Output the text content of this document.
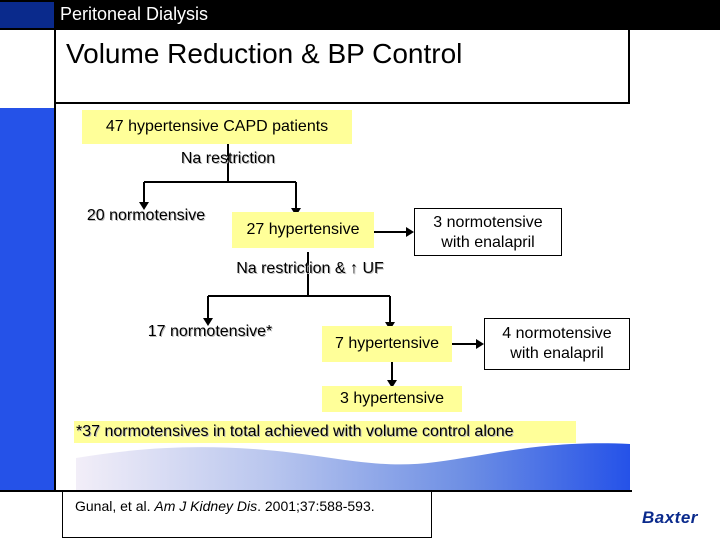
Peritoneal Dialysis
Volume Reduction & BP Control
47 hypertensive CAPD patients
Na restriction
20 normotensive
27 hypertensive	3 normotensive
with enalapril
Na restriction & ↑ UF
17 normotensive*
7 hypertensive
4 normotensive
with enalapril
3 hypertensive
*37 normotensives in total achieved with volume control alone
Gunal, et al. Am J Kidney Dis. 2001;37:588-593.
Baxter
